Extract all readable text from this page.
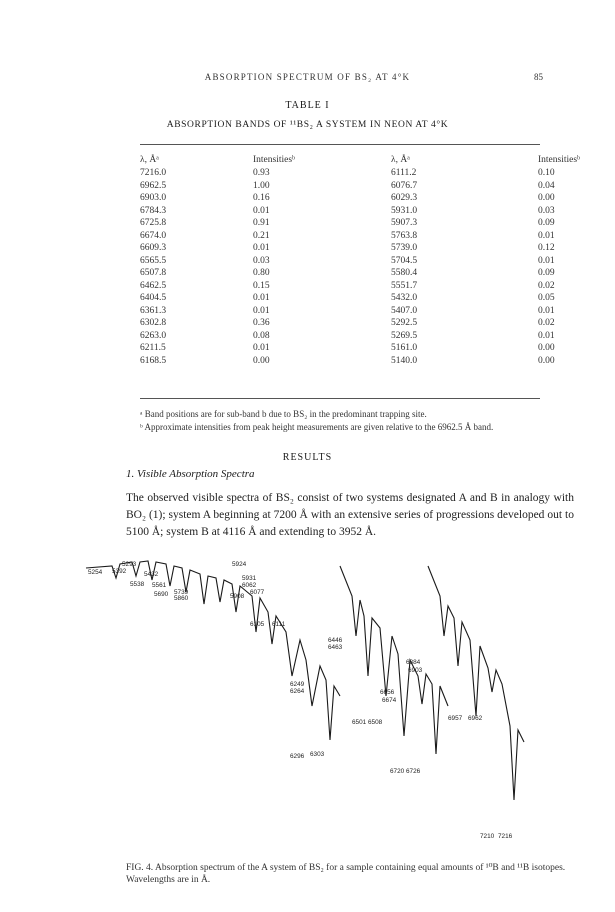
ABSORPTION SPECTRUM OF BS₂ AT 4°K	85
TABLE I
ABSORPTION BANDS OF ¹¹BS₂ A SYSTEM IN NEON AT 4°K
λ, Åᵃ	Intensitiesᵇ	λ, Åᵃ	Intensitiesᵇ
7216.0	0.93	6111.2	0.10
6962.5	1.00	6076.7	0.04
6903.0	0.16	6029.3	0.00
6784.3	0.01	5931.0	0.03
6725.8	0.91	5907.3	0.09
6674.0	0.21	5763.8	0.01
6609.3	0.01	5739.0	0.12
6565.5	0.03	5704.5	0.01
6507.8	0.80	5580.4	0.09
6462.5	0.15	5551.7	0.02
6404.5	0.01	5432.0	0.05
6361.3	0.01	5407.0	0.01
6302.8	0.36	5292.5	0.02
6263.0	0.08	5269.5	0.01
6211.5	0.01	5161.0	0.00
6168.5	0.00	5140.0	0.00
ᵃ Band positions are for sub-band b due to BS₂ in the predominant trapping site.
ᵇ Approximate intensities from peak height measurements are given relative to the 6962.5 Å band.
RESULTS
1. Visible Absorption Spectra
The observed visible spectra of BS₂ consist of two systems designated A and B in analogy with BO₂ (1); system A beginning at 7200 Å with an extensive series of progressions developed out to 5100 Å; system B at 4116 Å and extending to 3952 Å.
5254
5293
5392	5432
5538 5561
5690 5739
5860
5924
5931
5908
6062
6077
6105 6111
6249
6264
6296 6303
6446
6463
6501 6508
6656
6674
6720 6726
6884
6903
6957 6962
7210 7216
FIG. 4. Absorption spectrum of the A system of BS₂ for a sample containing equal amounts of ¹⁰B and ¹¹B isotopes. Wavelengths are in Å.
